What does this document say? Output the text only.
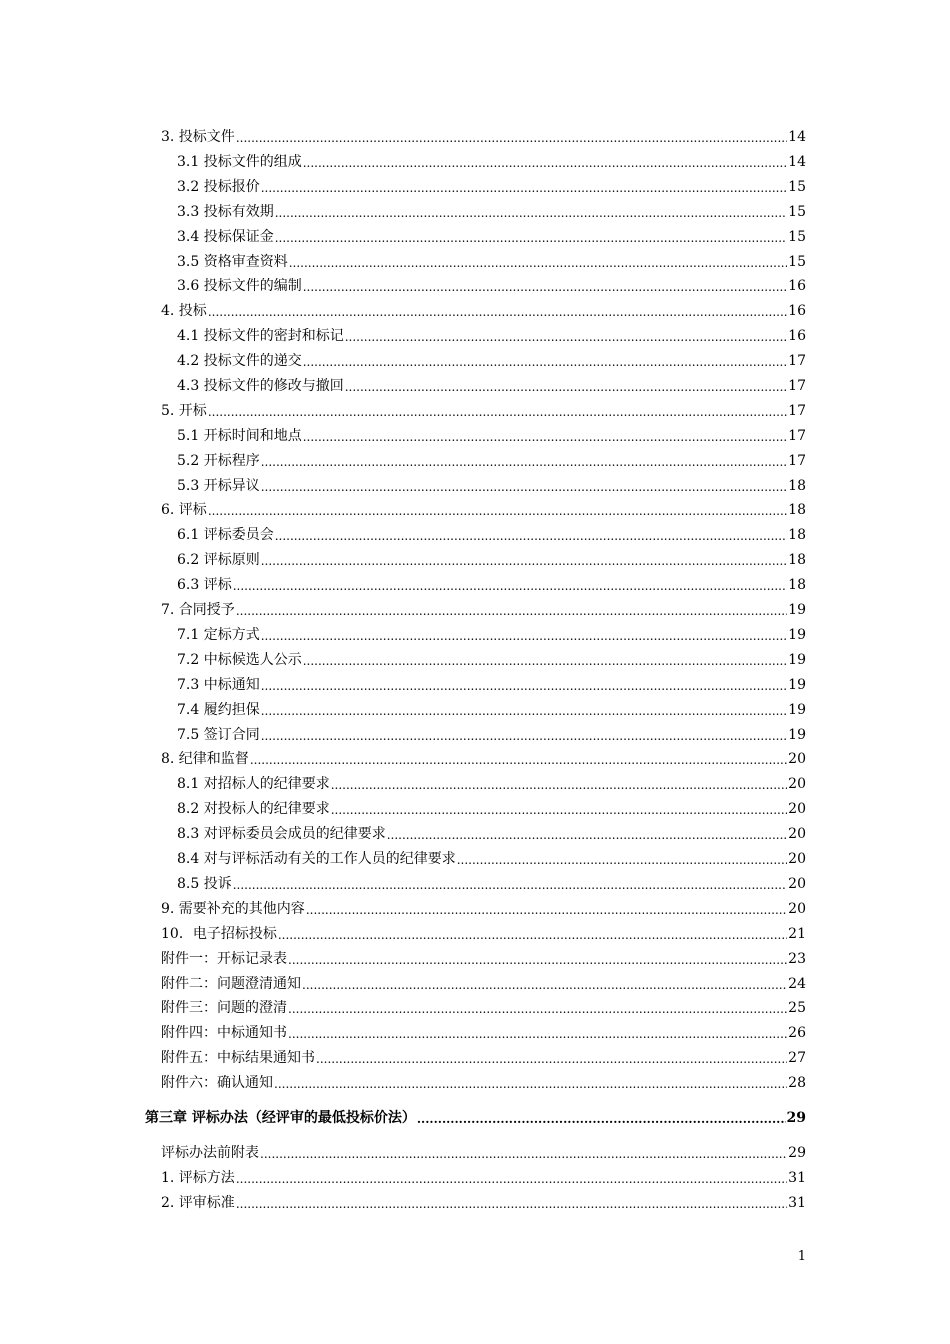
3. 投标文件 .....	14
3.1 投标文件的组成 .....	14
3.2 投标报价 .....	15
3.3 投标有效期 .....	15
3.4 投标保证金 .....	15
3.5 资格审查资料 .....	15
3.6 投标文件的编制 .....	16
4. 投标 .....	16
4.1 投标文件的密封和标记 .....	16
4.2 投标文件的递交 .....	17
4.3 投标文件的修改与撤回 .....	17
5. 开标 .....	17
5.1 开标时间和地点 .....	17
5.2 开标程序 .....	17
5.3 开标异议 .....	18
6. 评标 .....	18
6.1 评标委员会 .....	18
6.2 评标原则 .....	18
6.3 评标 .....	18
7. 合同授予 .....	19
7.1 定标方式 .....	19
7.2 中标候选人公示 .....	19
7.3 中标通知 .....	19
7.4 履约担保 .....	19
7.5 签订合同 .....	19
8. 纪律和监督 .....	20
8.1 对招标人的纪律要求 .....	20
8.2 对投标人的纪律要求 .....	20
8.3 对评标委员会成员的纪律要求 .....	20
8.4 对与评标活动有关的工作人员的纪律要求 .....	20
8.5 投诉 .....	20
9. 需要补充的其他内容 .....	20
10．电子招标投标 .....	21
附件一：开标记录表 .....	23
附件二：问题澄清通知 .....	24
附件三：问题的澄清 .....	25
附件四：中标通知书 .....	26
附件五：中标结果通知书 .....	27
附件六：确认通知 .....	28
第三章 评标办法（经评审的最低投标价法） .....	29
评标办法前附表 .....	29
1. 评标方法 .....	31
2. 评审标准 .....	31
1
